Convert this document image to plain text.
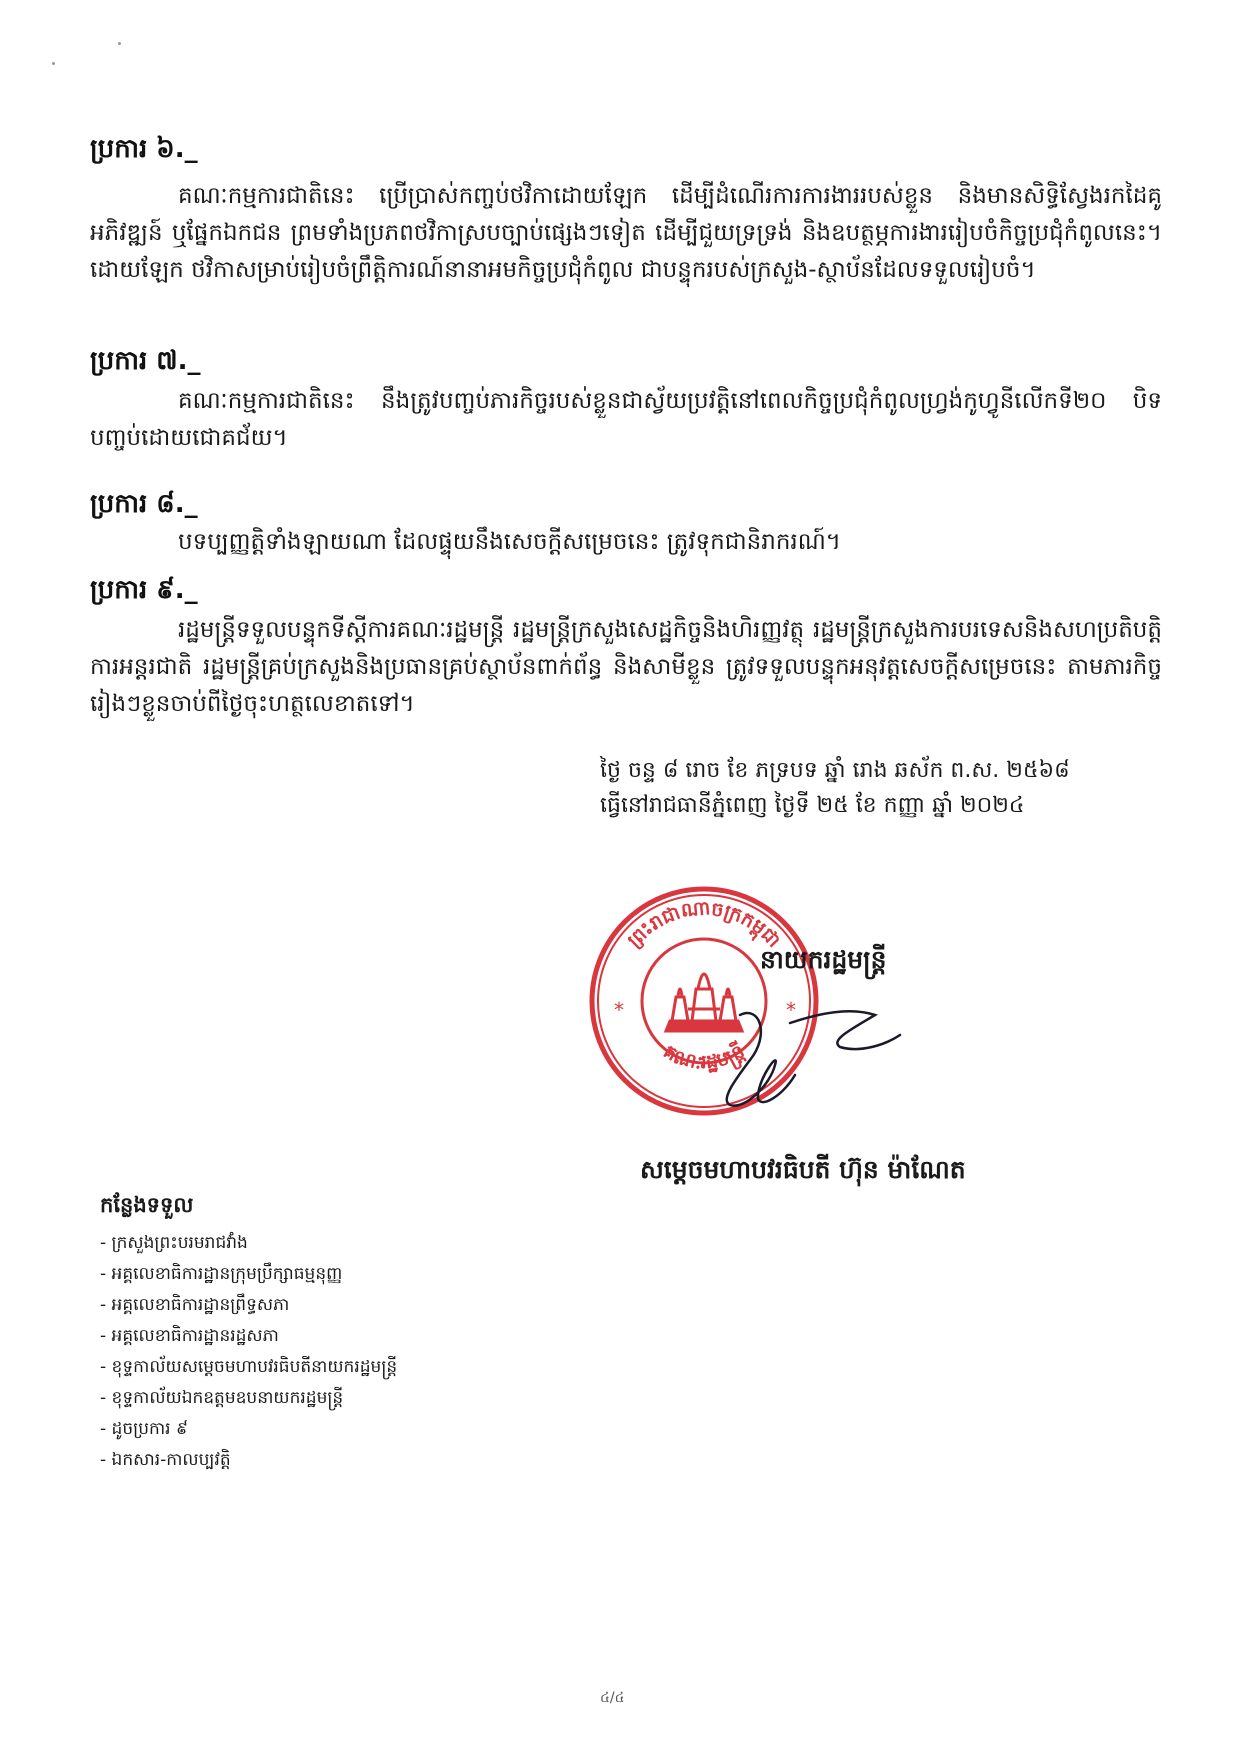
ប្រការ ៦._

គណៈកម្មការជាតិនេះ ប្រើប្រាស់កញ្ចប់ថវិកាដោយឡែក ដើម្បីដំណើរការការងាររបស់ខ្លួន និងមានសិទ្ធិស្វែងរកដៃគូអភិវឌ្ឍន៍ ឬផ្នែកឯកជន ព្រមទាំងប្រភពថវិកាស្របច្បាប់ផ្សេងៗទៀត ដើម្បីជួយទ្រទ្រង់ និងឧបត្ថម្ភការងាររៀបចំកិច្ចប្រជុំកំពូលនេះ។ ដោយឡែក ថវិកាសម្រាប់រៀបចំព្រឹត្តិការណ៍នានាអមកិច្ចប្រជុំកំពូល ជាបន្ទុករបស់ក្រសួង-ស្ថាប័នដែលទទួលរៀបចំ។

ប្រការ ៧._

គណៈកម្មការជាតិនេះ នឹងត្រូវបញ្ចប់ភារកិច្ចរបស់ខ្លួនជាស្វ័យប្រវត្តិនៅពេលកិច្ចប្រជុំកំពូលហ្វ្រង់កូហ្វូនីលើកទី២០ បិទបញ្ចប់ដោយជោគជ័យ។

ប្រការ ៨._

បទប្បញ្ញត្តិទាំងឡាយណា ដែលផ្ទុយនឹងសេចក្ដីសម្រេចនេះ ត្រូវទុកជានិរាករណ៍។

ប្រការ ៩._

រដ្ឋមន្ត្រីទទួលបន្ទុកទីស្ដីការគណៈរដ្ឋមន្ត្រី រដ្ឋមន្ត្រីក្រសួងសេដ្ឋកិច្ចនិងហិរញ្ញវត្ថុ រដ្ឋមន្ត្រីក្រសួងការបរទេសនិងសហប្រតិបត្តិការអន្តរជាតិ រដ្ឋមន្ត្រីគ្រប់ក្រសួងនិងប្រធានគ្រប់ស្ថាប័នពាក់ព័ន្ធ និងសាមីខ្លួន ត្រូវទទួលបន្ទុកអនុវត្តសេចក្ដីសម្រេចនេះ តាមភារកិច្ចរៀងៗខ្លួនចាប់ពីថ្ងៃចុះហត្ថលេខាតទៅ។

ថ្ងៃ ចន្ទ ៨ រោច ខែ ភទ្របទ ឆ្នាំ រោង ឆស័ក ព.ស. ២៥៦៨
ធ្វើនៅរាជធានីភ្នំពេញ ថ្ងៃទី ២៥ ខែ កញ្ញា ឆ្នាំ ២០២៤
ព្រះរាជាណាចក្រកម្ពុជា
គណៈរដ្ឋមន្ត្រី
*	*
នាយករដ្ឋមន្ត្រី
សម្ដេចមហាបវរធិបតី ហ៊ុន ម៉ាណែត
កន្លែងទទួល
- ក្រសួងព្រះបរមរាជវាំង
- អគ្គលេខាធិការដ្ឋានក្រុមប្រឹក្សាធម្មនុញ្ញ
- អគ្គលេខាធិការដ្ឋានព្រឹទ្ធសភា
- អគ្គលេខាធិការដ្ឋានរដ្ឋសភា
- ខុទ្ទកាល័យសម្ដេចមហាបវរធិបតីនាយករដ្ឋមន្ត្រី
- ខុទ្ទកាល័យឯកឧត្តមឧបនាយករដ្ឋមន្ត្រី
- ដូចប្រការ ៩
- ឯកសារ-កាលប្បវត្តិ
៤/៤
